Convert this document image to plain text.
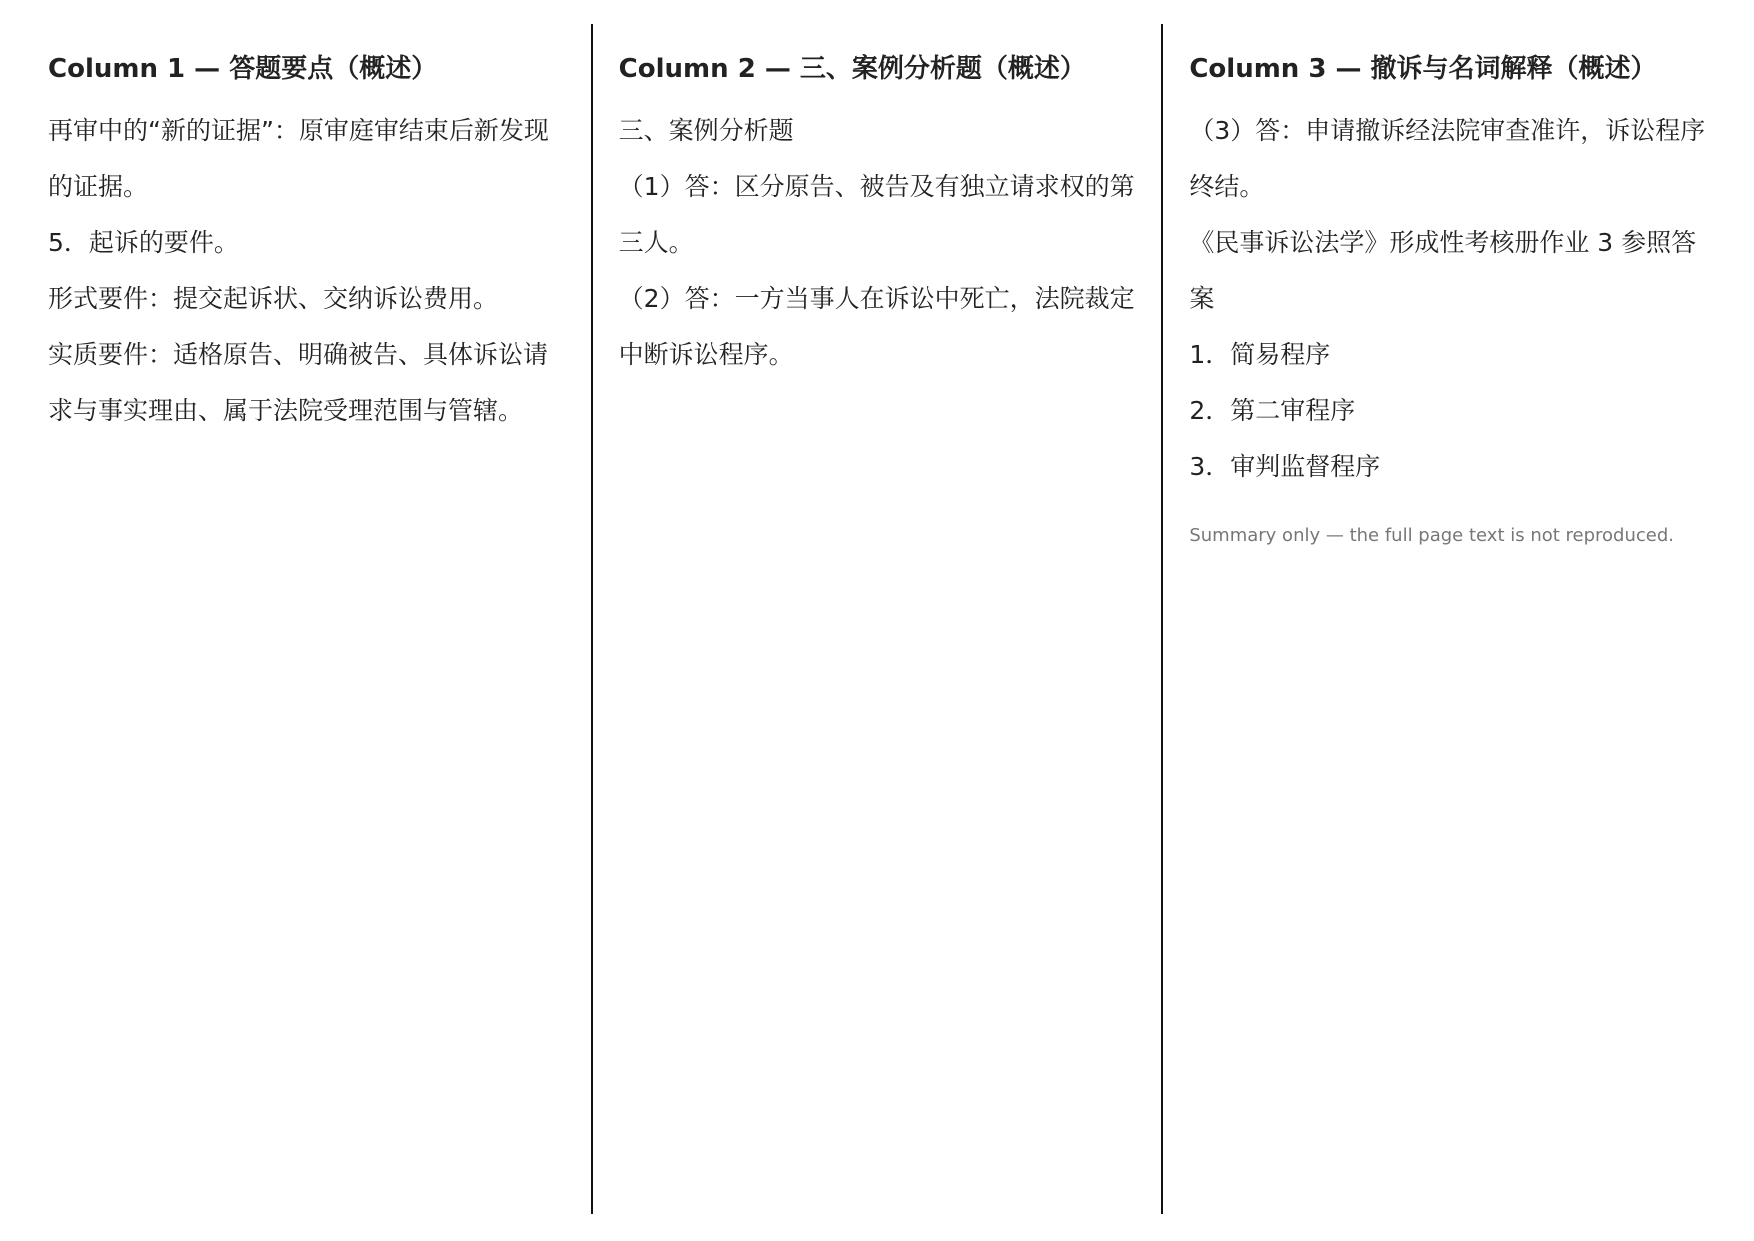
Column 1 — 答题要点（概述）

再审中的“新的证据”：原审庭审结束后新发现的证据。

5．起诉的要件。

形式要件：提交起诉状、交纳诉讼费用。

实质要件：适格原告、明确被告、具体诉讼请求与事实理由、属于法院受理范围与管辖。

Column 2 — 三、案例分析题（概述）

三、案例分析题

（1）答：区分原告、被告及有独立请求权的第三人。

（2）答：一方当事人在诉讼中死亡，法院裁定中断诉讼程序。

Column 3 — 撤诉与名词解释（概述）

（3）答：申请撤诉经法院审查准许，诉讼程序终结。

《民事诉讼法学》形成性考核册作业 3 参照答案

1．简易程序

2．第二审程序

3．审判监督程序

Summary only — the full page text is not reproduced.
